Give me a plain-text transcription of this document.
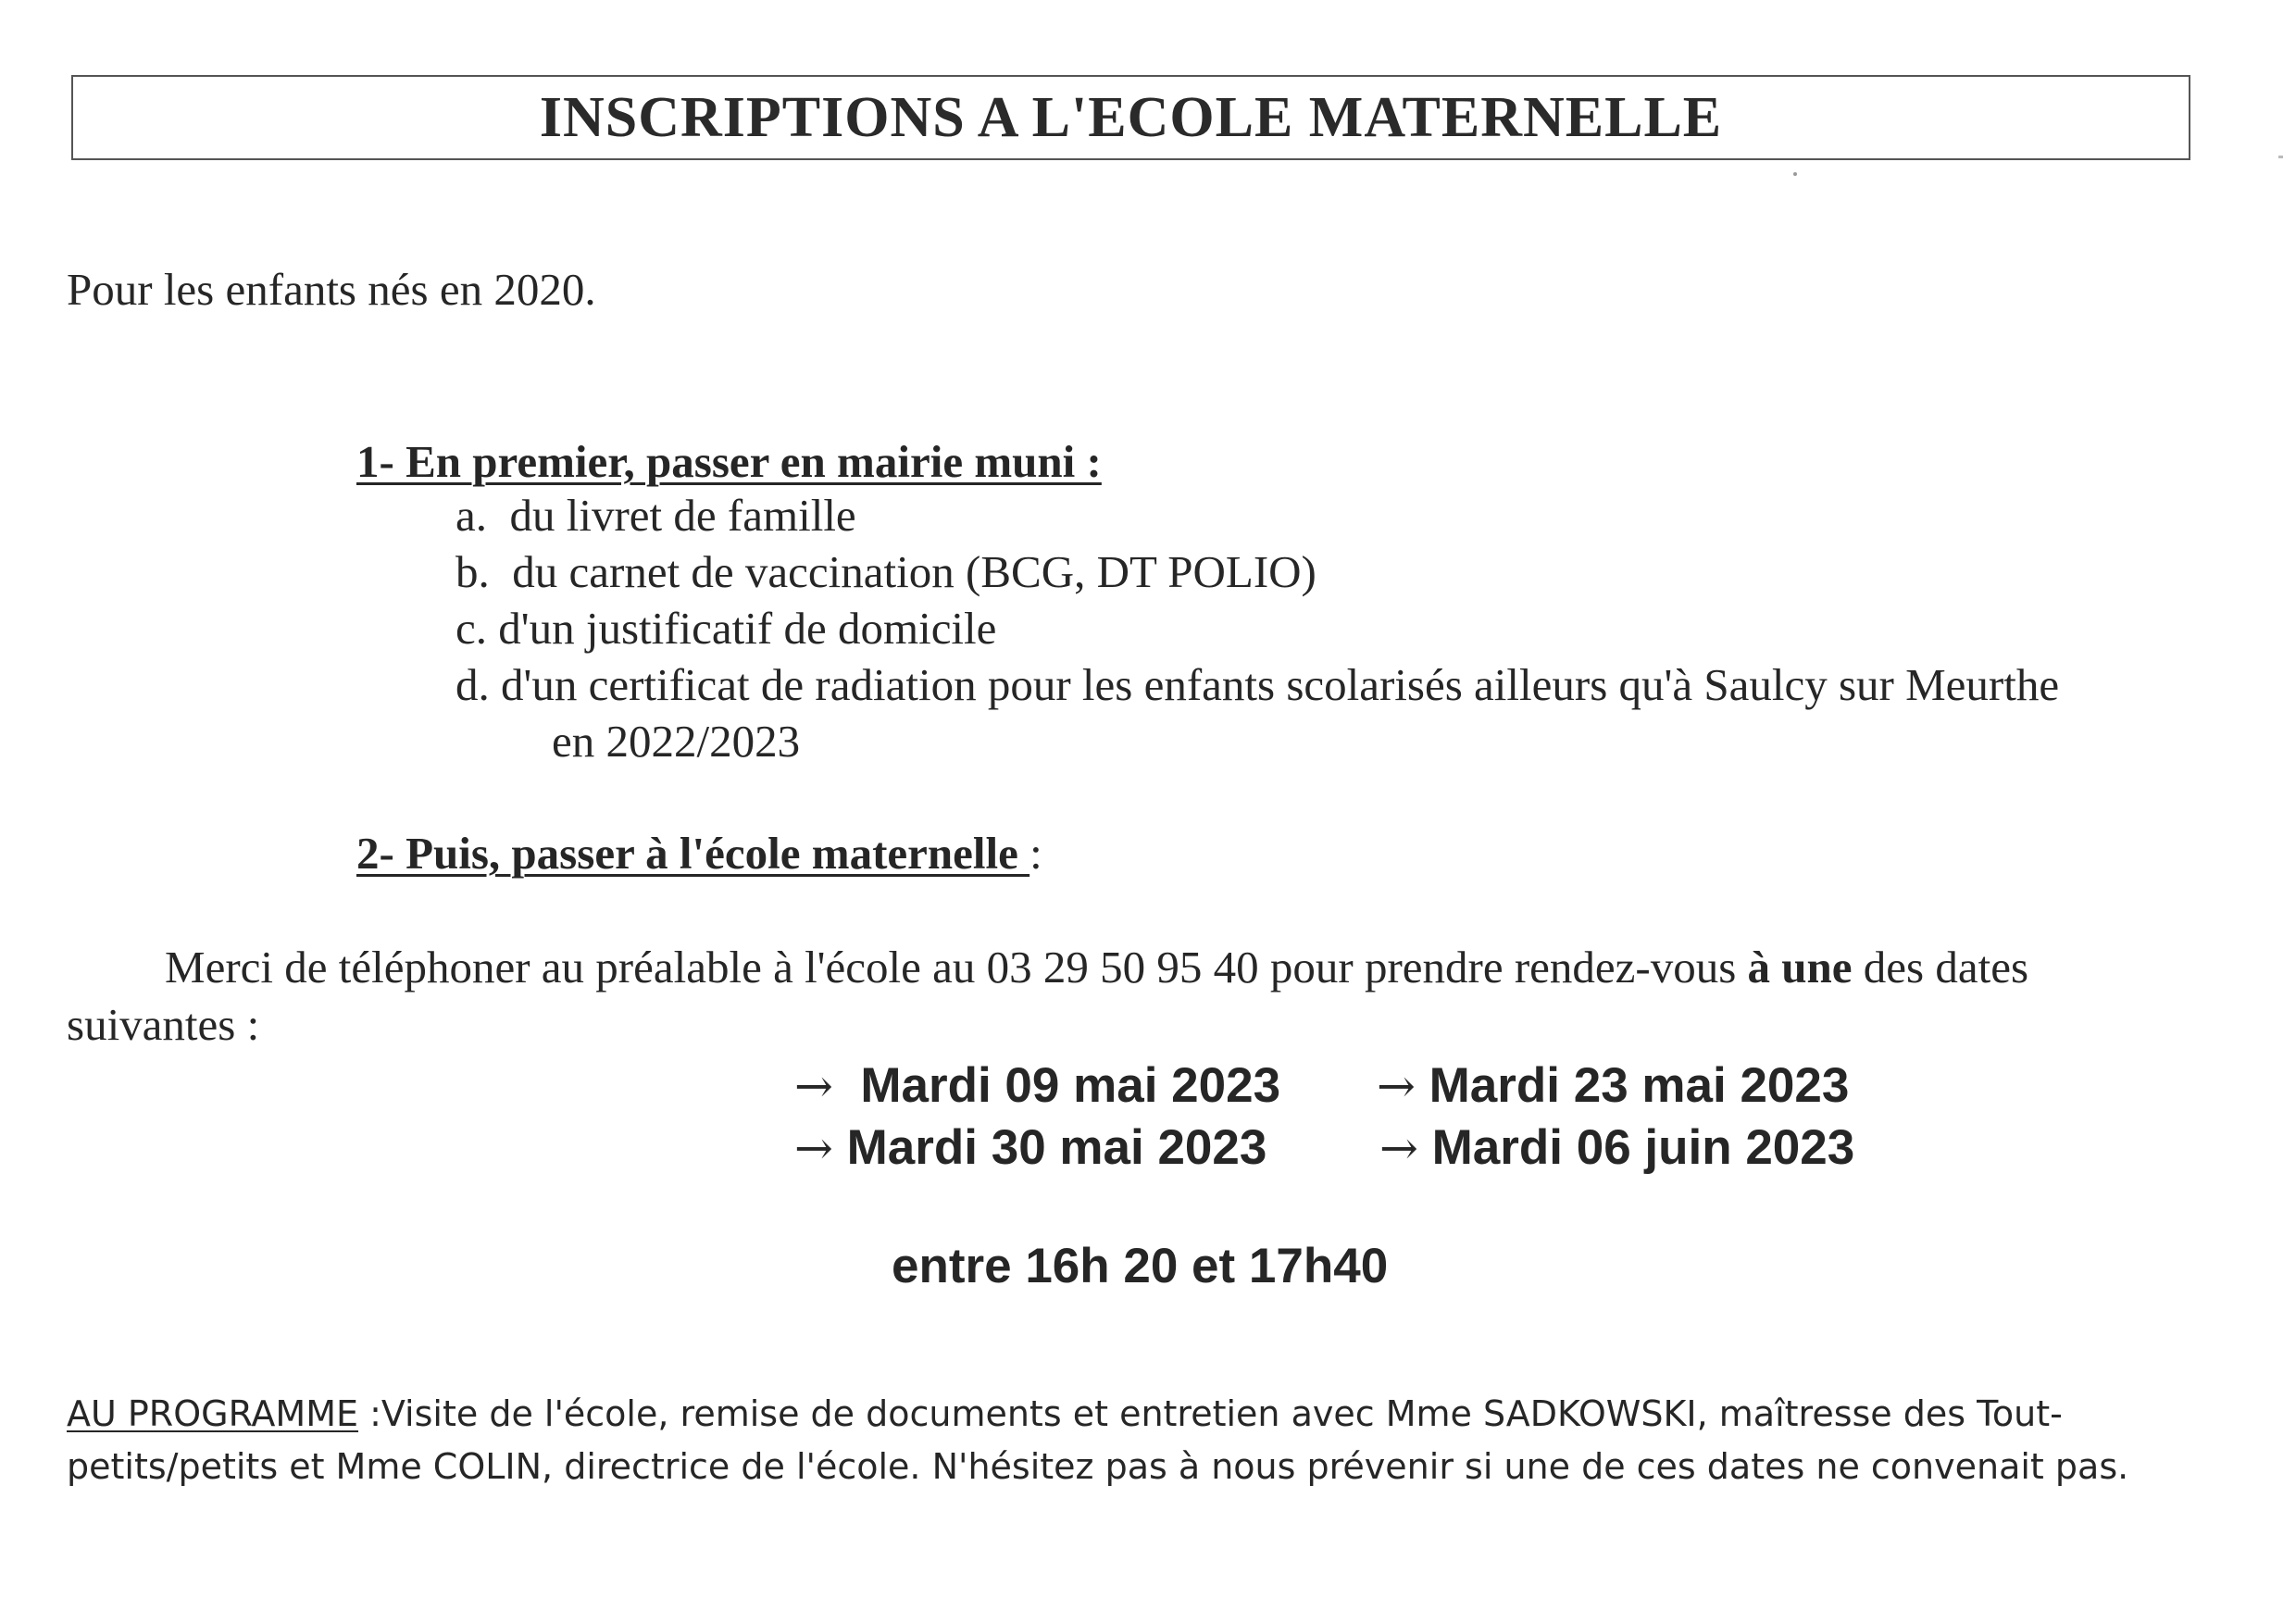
INSCRIPTIONS A L'ECOLE MATERNELLE
Pour les enfants nés en 2020.
1- En premier, passer en mairie muni :
a. du livret de famille
b. du carnet de vaccination (BCG, DT POLIO)
c. d'un justificatif de domicile
d. d'un certificat de radiation pour les enfants scolarisés ailleurs qu'à Saulcy sur Meurthe
en 2022/2023
2- Puis, passer à l'école maternelle :
Merci de téléphoner au préalable à l'école au 03 29 50 95 40 pour prendre rendez-vous à une des dates
suivantes :
→ Mardi 09 mai 2023 → Mardi 23 mai 2023
→ Mardi 30 mai 2023 → Mardi 06 juin 2023
entre 16h 20 et 17h40
AU PROGRAMME :Visite de l'école, remise de documents et entretien avec Mme SADKOWSKI, maîtresse des Tout-
petits/petits et Mme COLIN, directrice de l'école. N'hésitez pas à nous prévenir si une de ces dates ne convenait pas.
